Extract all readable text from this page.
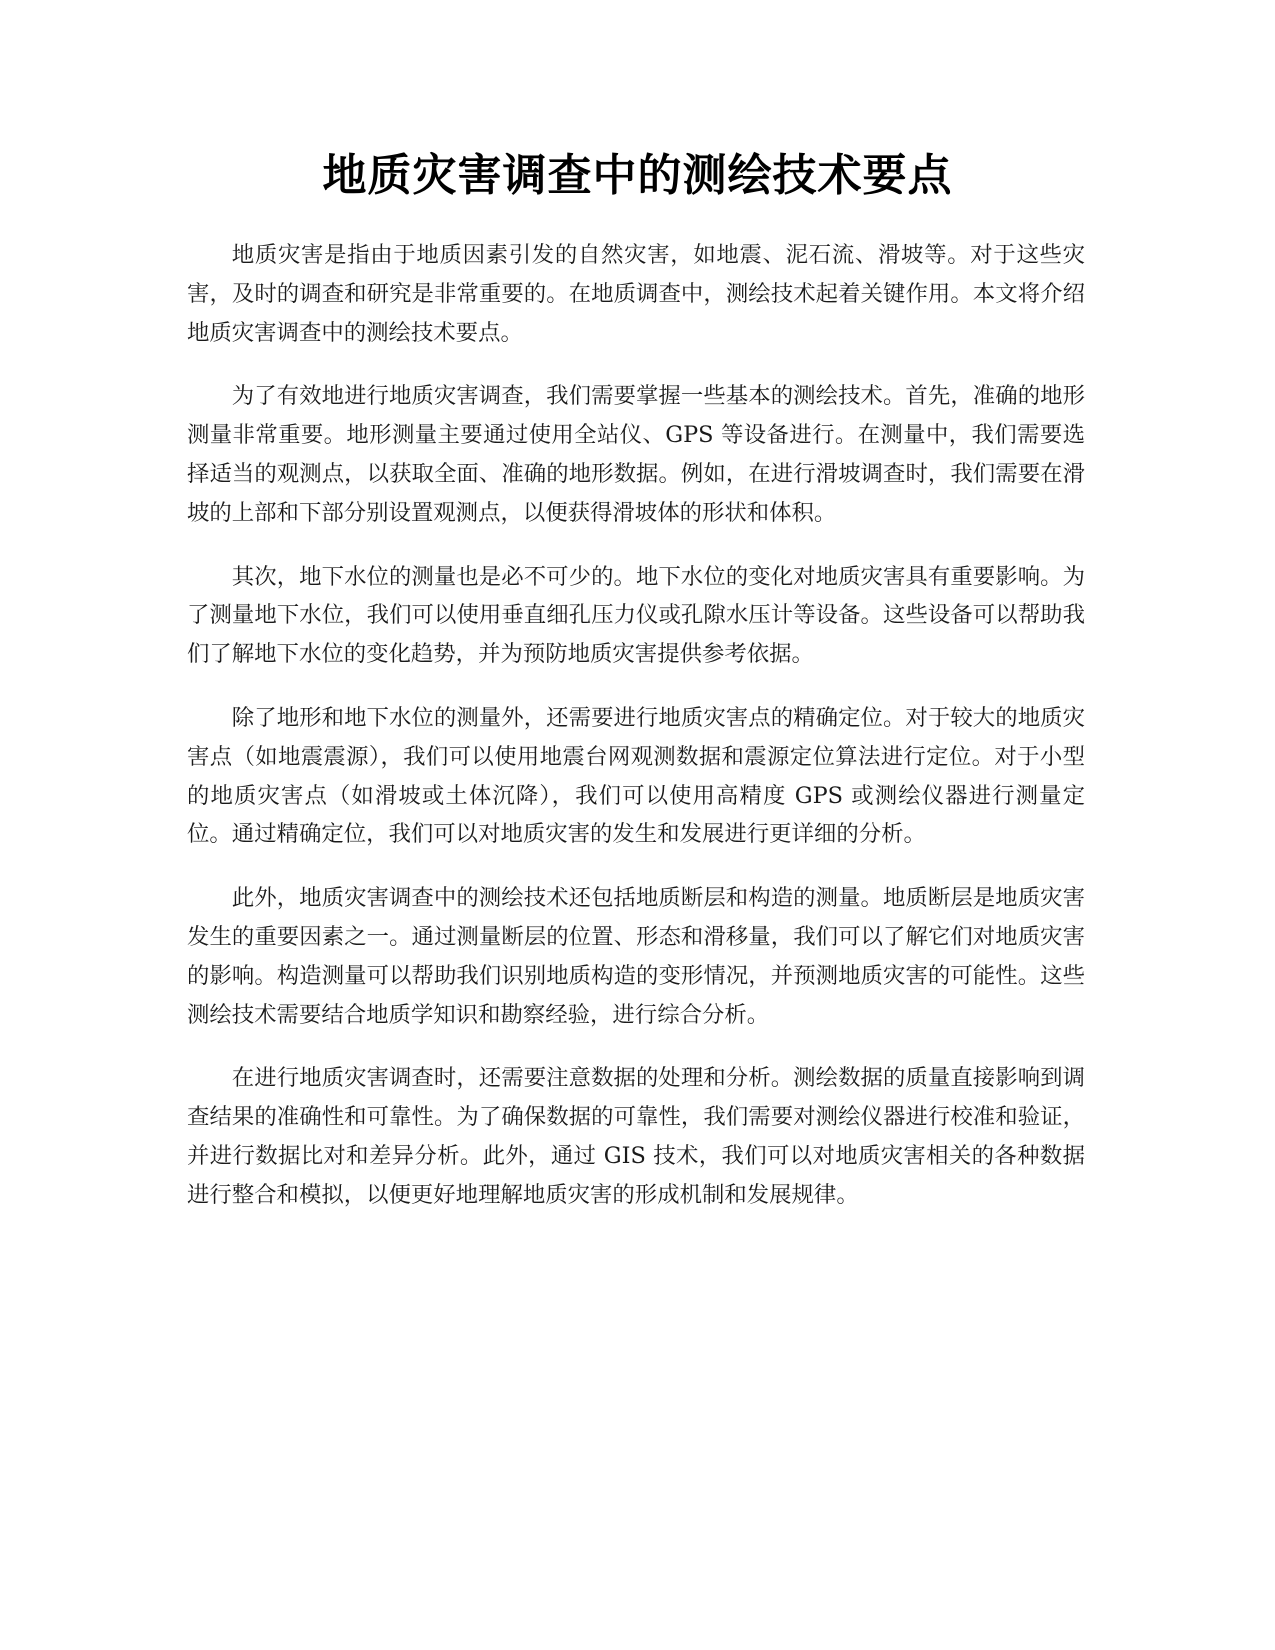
地质灾害调查中的测绘技术要点

地质灾害是指由于地质因素引发的自然灾害，如地震、泥石流、滑坡等。对于这些灾害，及时的调查和研究是非常重要的。在地质调查中，测绘技术起着关键作用。本文将介绍地质灾害调查中的测绘技术要点。

为了有效地进行地质灾害调查，我们需要掌握一些基本的测绘技术。首先，准确的地形测量非常重要。地形测量主要通过使用全站仪、GPS 等设备进行。在测量中，我们需要选择适当的观测点，以获取全面、准确的地形数据。例如，在进行滑坡调查时，我们需要在滑坡的上部和下部分别设置观测点，以便获得滑坡体的形状和体积。

其次，地下水位的测量也是必不可少的。地下水位的变化对地质灾害具有重要影响。为了测量地下水位，我们可以使用垂直细孔压力仪或孔隙水压计等设备。这些设备可以帮助我们了解地下水位的变化趋势，并为预防地质灾害提供参考依据。

除了地形和地下水位的测量外，还需要进行地质灾害点的精确定位。对于较大的地质灾害点（如地震震源），我们可以使用地震台网观测数据和震源定位算法进行定位。对于小型的地质灾害点（如滑坡或土体沉降），我们可以使用高精度 GPS 或测绘仪器进行测量定位。通过精确定位，我们可以对地质灾害的发生和发展进行更详细的分析。

此外，地质灾害调查中的测绘技术还包括地质断层和构造的测量。地质断层是地质灾害发生的重要因素之一。通过测量断层的位置、形态和滑移量，我们可以了解它们对地质灾害的影响。构造测量可以帮助我们识别地质构造的变形情况，并预测地质灾害的可能性。这些测绘技术需要结合地质学知识和勘察经验，进行综合分析。

在进行地质灾害调查时，还需要注意数据的处理和分析。测绘数据的质量直接影响到调查结果的准确性和可靠性。为了确保数据的可靠性，我们需要对测绘仪器进行校准和验证，并进行数据比对和差异分析。此外，通过 GIS 技术，我们可以对地质灾害相关的各种数据进行整合和模拟，以便更好地理解地质灾害的形成机制和发展规律。
